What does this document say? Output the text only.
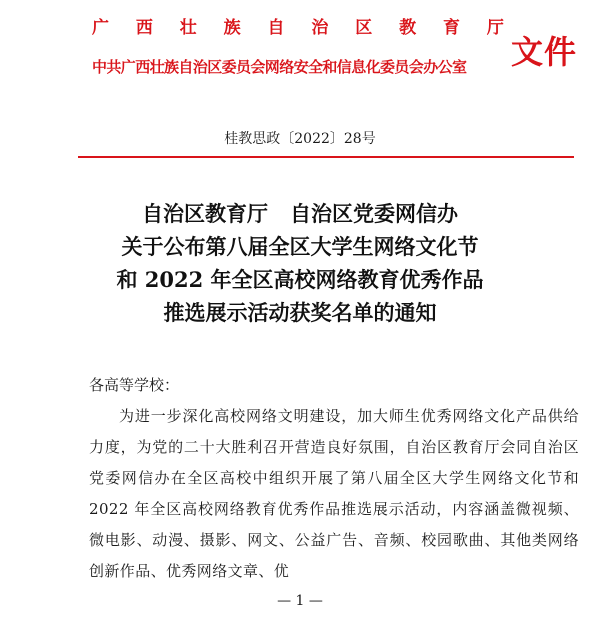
广 西 壮 族 自 治 区 教 育 厅
中共广西壮族自治区委员会网络安全和信息化委员会办公室	文件
桂教思政〔2022〕28号
自治区教育厅 自治区党委网信办
关于公布第八届全区大学生网络文化节
和 2022 年全区高校网络教育优秀作品
推选展示活动获奖名单的通知
各高等学校：

为进一步深化高校网络文明建设，加大师生优秀网络文化产品供给力度，为党的二十大胜利召开营造良好氛围，自治区教育厅会同自治区党委网信办在全区高校中组织开展了第八届全区大学生网络文化节和 2022 年全区高校网络教育优秀作品推选展示活动，内容涵盖微视频、微电影、动漫、摄影、网文、公益广告、音频、校园歌曲、其他类网络创新作品、优秀网络文章、优

— 1 —
